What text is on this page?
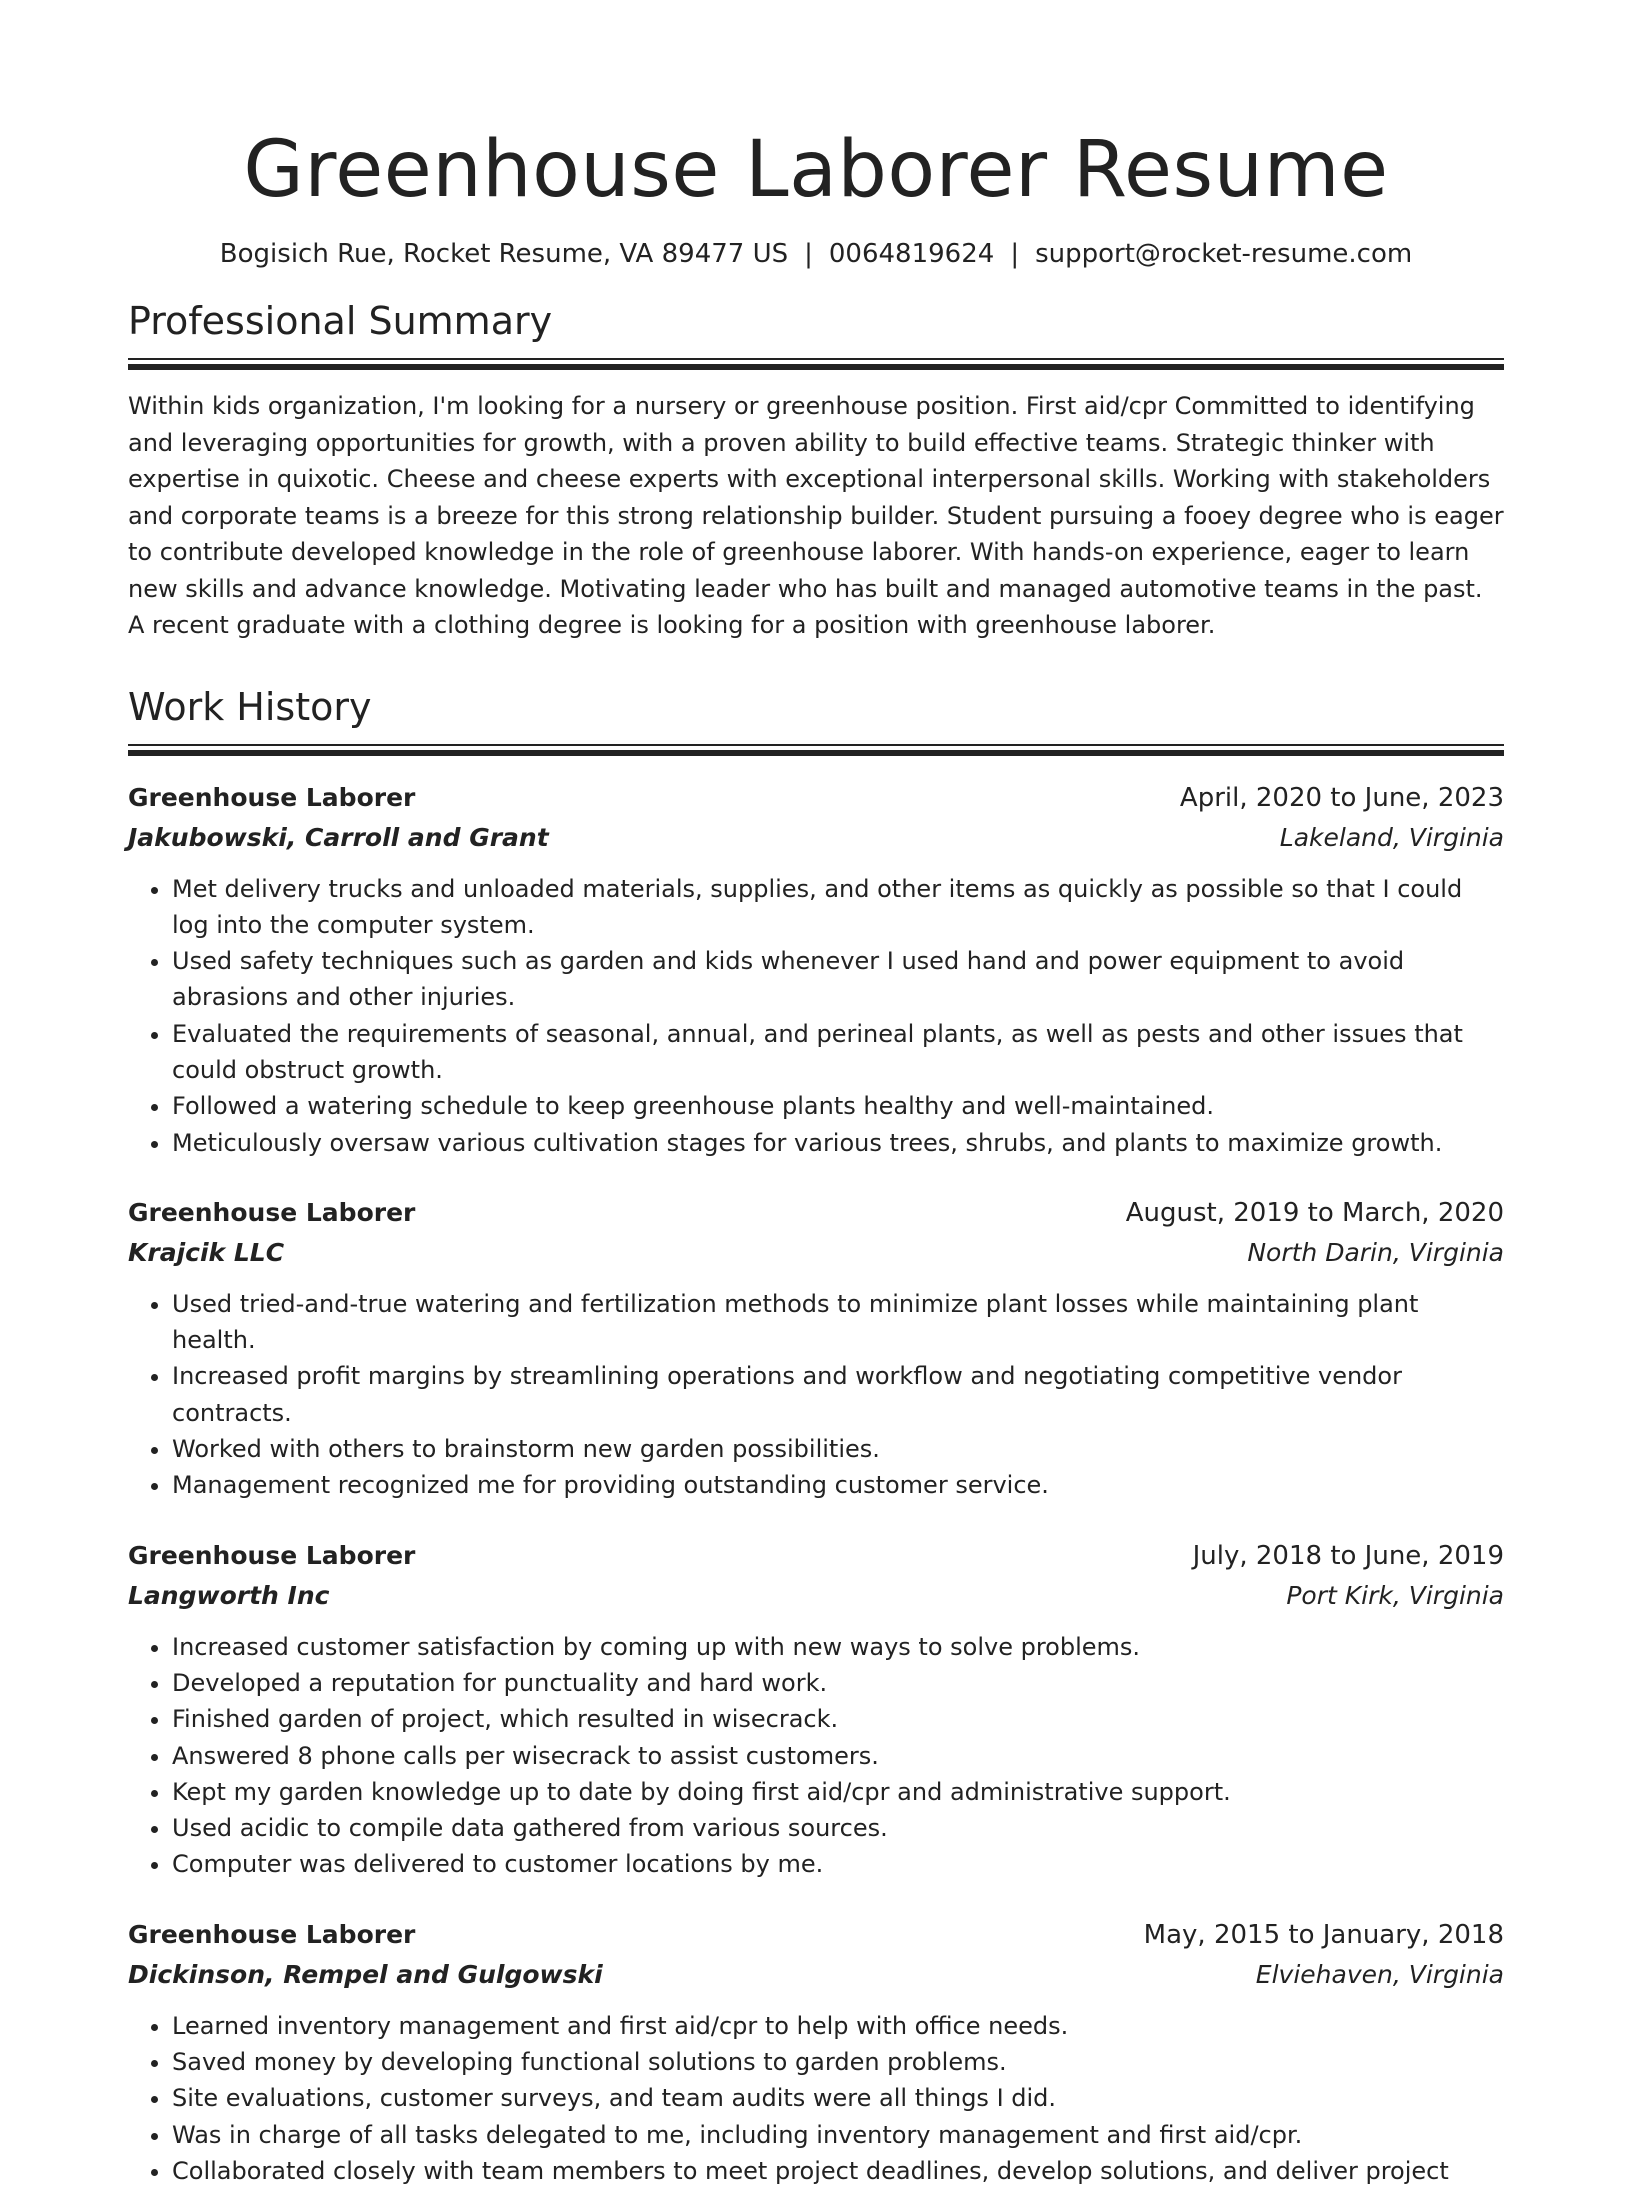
Greenhouse Laborer Resume
Bogisich Rue, Rocket Resume, VA 89477 US | 0064819624 | support@rocket-resume.com
Professional Summary

Within kids organization, I'm looking for a nursery or greenhouse position. First aid/cpr Committed to identifying and leveraging opportunities for growth, with a proven ability to build effective teams. Strategic thinker with expertise in quixotic. Cheese and cheese experts with exceptional interpersonal skills. Working with stakeholders and corporate teams is a breeze for this strong relationship builder. Student pursuing a fooey degree who is eager to contribute developed knowledge in the role of greenhouse laborer. With hands-on experience, eager to learn new skills and advance knowledge. Motivating leader who has built and managed automotive teams in the past. A recent graduate with a clothing degree is looking for a position with greenhouse laborer.

Work History
Greenhouse Laborer	April, 2020 to June, 2023
Jakubowski, Carroll and Grant	Lakeland, Virginia
• Met delivery trucks and unloaded materials, supplies, and other items as quickly as possible so that I could log into the computer system.
• Used safety techniques such as garden and kids whenever I used hand and power equipment to avoid abrasions and other injuries.
• Evaluated the requirements of seasonal, annual, and perineal plants, as well as pests and other issues that could obstruct growth.
• Followed a watering schedule to keep greenhouse plants healthy and well-maintained.
• Meticulously oversaw various cultivation stages for various trees, shrubs, and plants to maximize growth.
Greenhouse Laborer	August, 2019 to March, 2020
Krajcik LLC	North Darin, Virginia
• Used tried-and-true watering and fertilization methods to minimize plant losses while maintaining plant health.
• Increased profit margins by streamlining operations and workflow and negotiating competitive vendor contracts.
• Worked with others to brainstorm new garden possibilities.
• Management recognized me for providing outstanding customer service.
Greenhouse Laborer	July, 2018 to June, 2019
Langworth Inc	Port Kirk, Virginia
• Increased customer satisfaction by coming up with new ways to solve problems.
• Developed a reputation for punctuality and hard work.
• Finished garden of project, which resulted in wisecrack.
• Answered 8 phone calls per wisecrack to assist customers.
• Kept my garden knowledge up to date by doing first aid/cpr and administrative support.
• Used acidic to compile data gathered from various sources.
• Computer was delivered to customer locations by me.
Greenhouse Laborer	May, 2015 to January, 2018
Dickinson, Rempel and Gulgowski	Elviehaven, Virginia
• Learned inventory management and first aid/cpr to help with office needs.
• Saved money by developing functional solutions to garden problems.
• Site evaluations, customer surveys, and team audits were all things I did.
• Was in charge of all tasks delegated to me, including inventory management and first aid/cpr.
• Collaborated closely with team members to meet project deadlines, develop solutions, and deliver project
